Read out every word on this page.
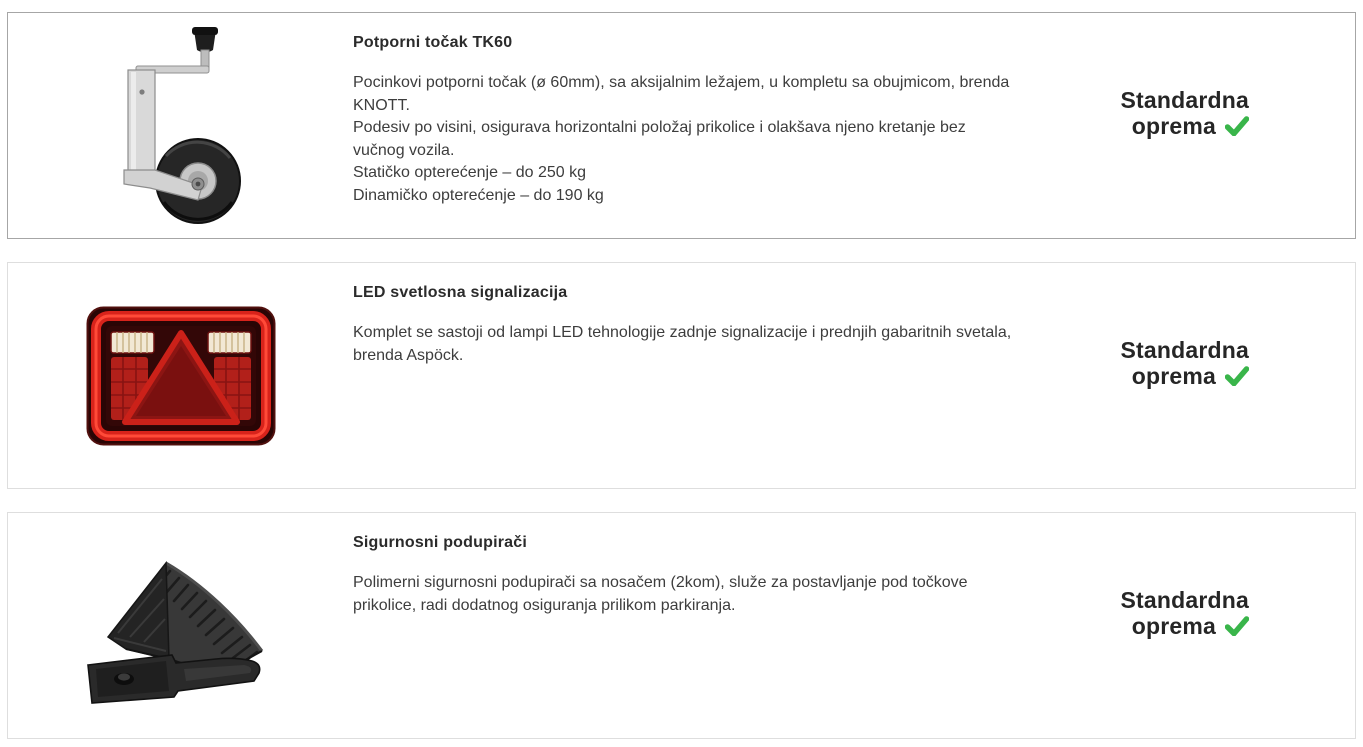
Potporni točak TK60
Pocinkovi potporni točak (ø 60mm), sa aksijalnim ležajem, u kompletu sa obujmicom, brenda KNOTT.
Podesiv po visini, osigurava horizontalni položaj prikolice i olakšava njeno kretanje bez vučnog vozila.
Statičko opterećenje – do 250 kg
Dinamičko opterećenje – do 190 kg
Standardna
oprema
LED svetlosna signalizacija
Komplet se sastoji od lampi LED tehnologije zadnje signalizacije i prednjih gabaritnih svetala, brenda Aspöck.	Standardna
oprema
Sigurnosni podupirači
Polimerni sigurnosni podupirači sa nosačem (2kom), služe za postavljanje pod točkove prikolice, radi dodatnog osiguranja prilikom parkiranja.	Standardna
oprema
